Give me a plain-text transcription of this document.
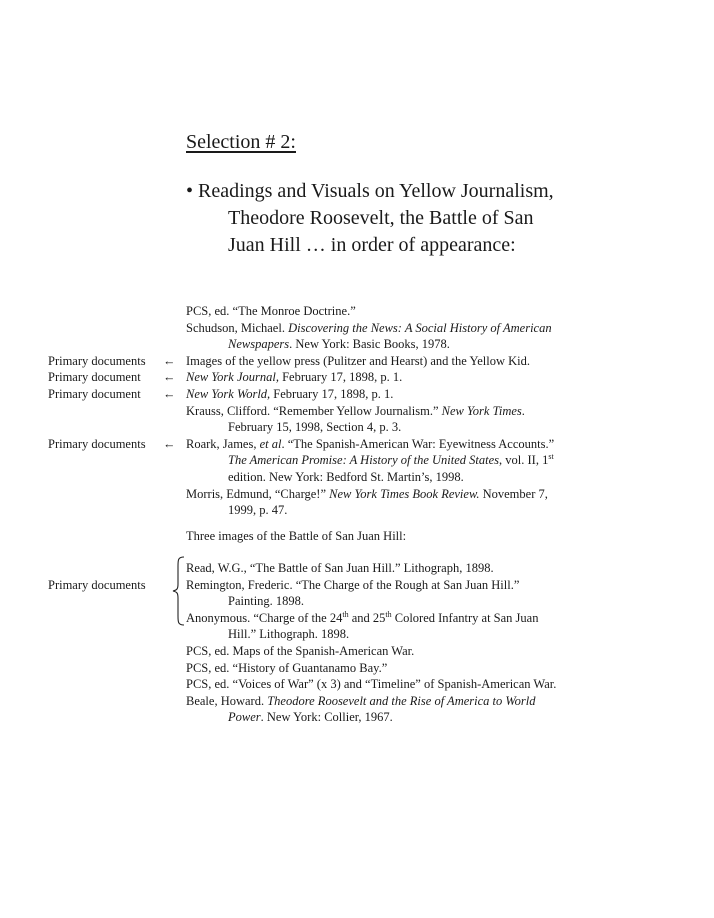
Selection # 2:
• Readings and Visuals on Yellow Journalism,
Theodore Roosevelt, the Battle of San
Juan Hill … in order of appearance:
PCS, ed. “The Monroe Doctrine.”
Schudson, Michael. Discovering the News: A Social History of American
Newspapers. New York: Basic Books, 1978.
Primary documents ← Images of the yellow press (Pulitzer and Hearst) and the Yellow Kid.
Primary document ← New York Journal, February 17, 1898, p. 1.
Primary document ← New York World, February 17, 1898, p. 1.
Krauss, Clifford. “Remember Yellow Journalism.” New York Times.
February 15, 1998, Section 4, p. 3.
Primary documents ← Roark, James, et al. “The Spanish-American War: Eyewitness Accounts.”
The American Promise: A History of the United States, vol. II, 1st
edition. New York: Bedford St. Martin’s, 1998.
Morris, Edmund, “Charge!” New York Times Book Review. November 7,
1999, p. 47.
Three images of the Battle of San Juan Hill:
Primary documents
Read, W.G., “The Battle of San Juan Hill.” Lithograph, 1898.
Remington, Frederic. “The Charge of the Rough at San Juan Hill.”
Painting. 1898.
Anonymous. “Charge of the 24th and 25th Colored Infantry at San Juan
Hill.” Lithograph. 1898.
PCS, ed. Maps of the Spanish-American War.
PCS, ed. “History of Guantanamo Bay.”
PCS, ed. “Voices of War” (x 3) and “Timeline” of Spanish-American War.
Beale, Howard. Theodore Roosevelt and the Rise of America to World
Power. New York: Collier, 1967.
